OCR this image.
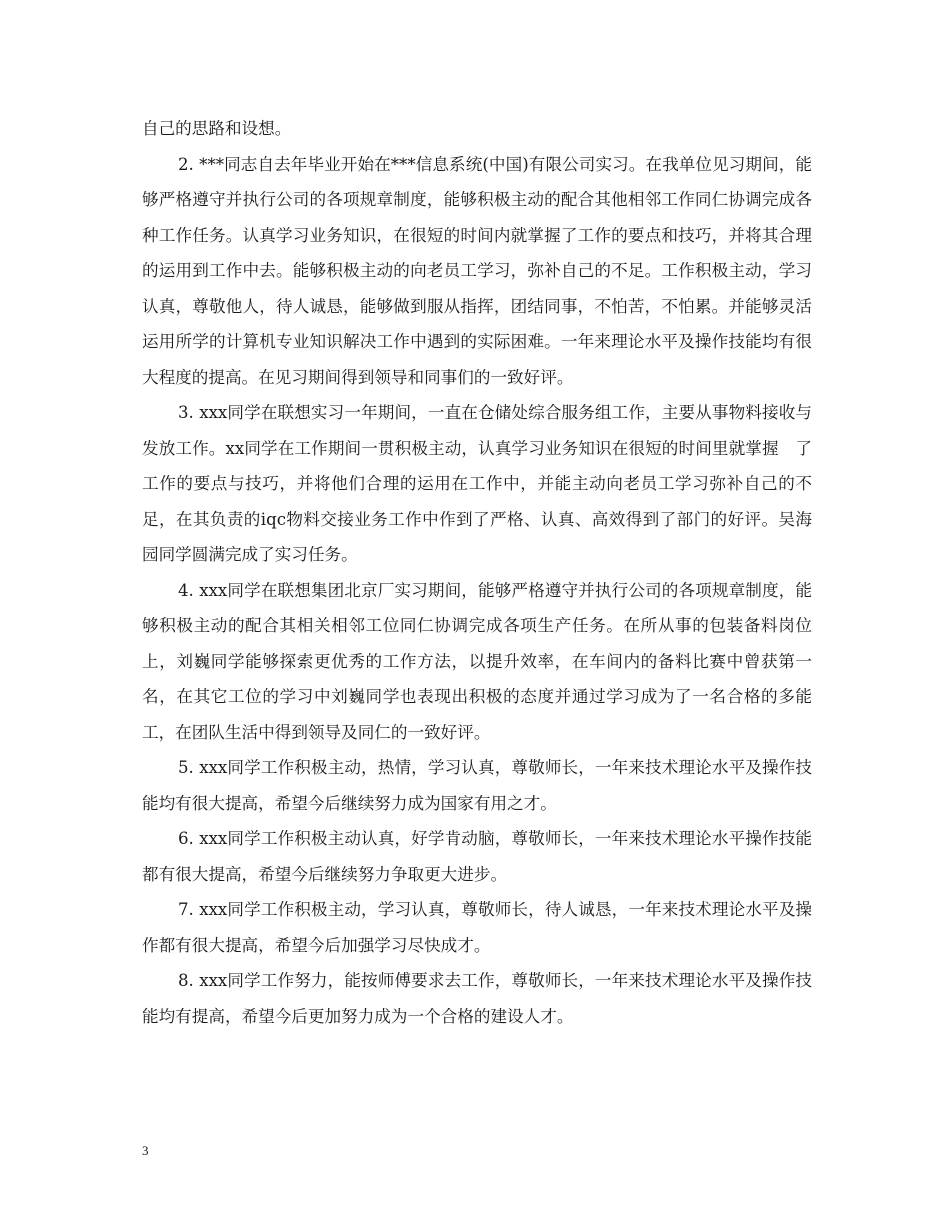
自己的思路和设想。

2. ***同志自去年毕业开始在***信息系统(中国)有限公司实习。在我单位见习期间，能够严格遵守并执行公司的各项规章制度，能够积极主动的配合其他相邻工作同仁协调完成各种工作任务。认真学习业务知识，在很短的时间内就掌握了工作的要点和技巧，并将其合理的运用到工作中去。能够积极主动的向老员工学习，弥补自己的不足。工作积极主动，学习认真，尊敬他人，待人诚恳，能够做到服从指挥，团结同事，不怕苦，不怕累。并能够灵活运用所学的计算机专业知识解决工作中遇到的实际困难。一年来理论水平及操作技能均有很大程度的提高。在见习期间得到领导和同事们的一致好评。

3. xxx同学在联想实习一年期间，一直在仓储处综合服务组工作，主要从事物料接收与发放工作。xx同学在工作期间一贯积极主动，认真学习业务知识在很短的时间里就掌握　了工作的要点与技巧，并将他们合理的运用在工作中，并能主动向老员工学习弥补自己的不足，在其负责的iqc物料交接业务工作中作到了严格、认真、高效得到了部门的好评。吴海园同学圆满完成了实习任务。

4. xxx同学在联想集团北京厂实习期间，能够严格遵守并执行公司的各项规章制度，能够积极主动的配合其相关相邻工位同仁协调完成各项生产任务。在所从事的包装备料岗位上，刘巍同学能够探索更优秀的工作方法，以提升效率，在车间内的备料比赛中曾获第一名，在其它工位的学习中刘巍同学也表现出积极的态度并通过学习成为了一名合格的多能工，在团队生活中得到领导及同仁的一致好评。

5. xxx同学工作积极主动，热情，学习认真，尊敬师长，一年来技术理论水平及操作技能均有很大提高，希望今后继续努力成为国家有用之才。

6. xxx同学工作积极主动认真，好学肯动脑，尊敬师长，一年来技术理论水平操作技能都有很大提高，希望今后继续努力争取更大进步。

7. xxx同学工作积极主动，学习认真，尊敬师长，待人诚恳，一年来技术理论水平及操作都有很大提高，希望今后加强学习尽快成才。

8. xxx同学工作努力，能按师傅要求去工作，尊敬师长，一年来技术理论水平及操作技能均有提高，希望今后更加努力成为一个合格的建设人才。

3
